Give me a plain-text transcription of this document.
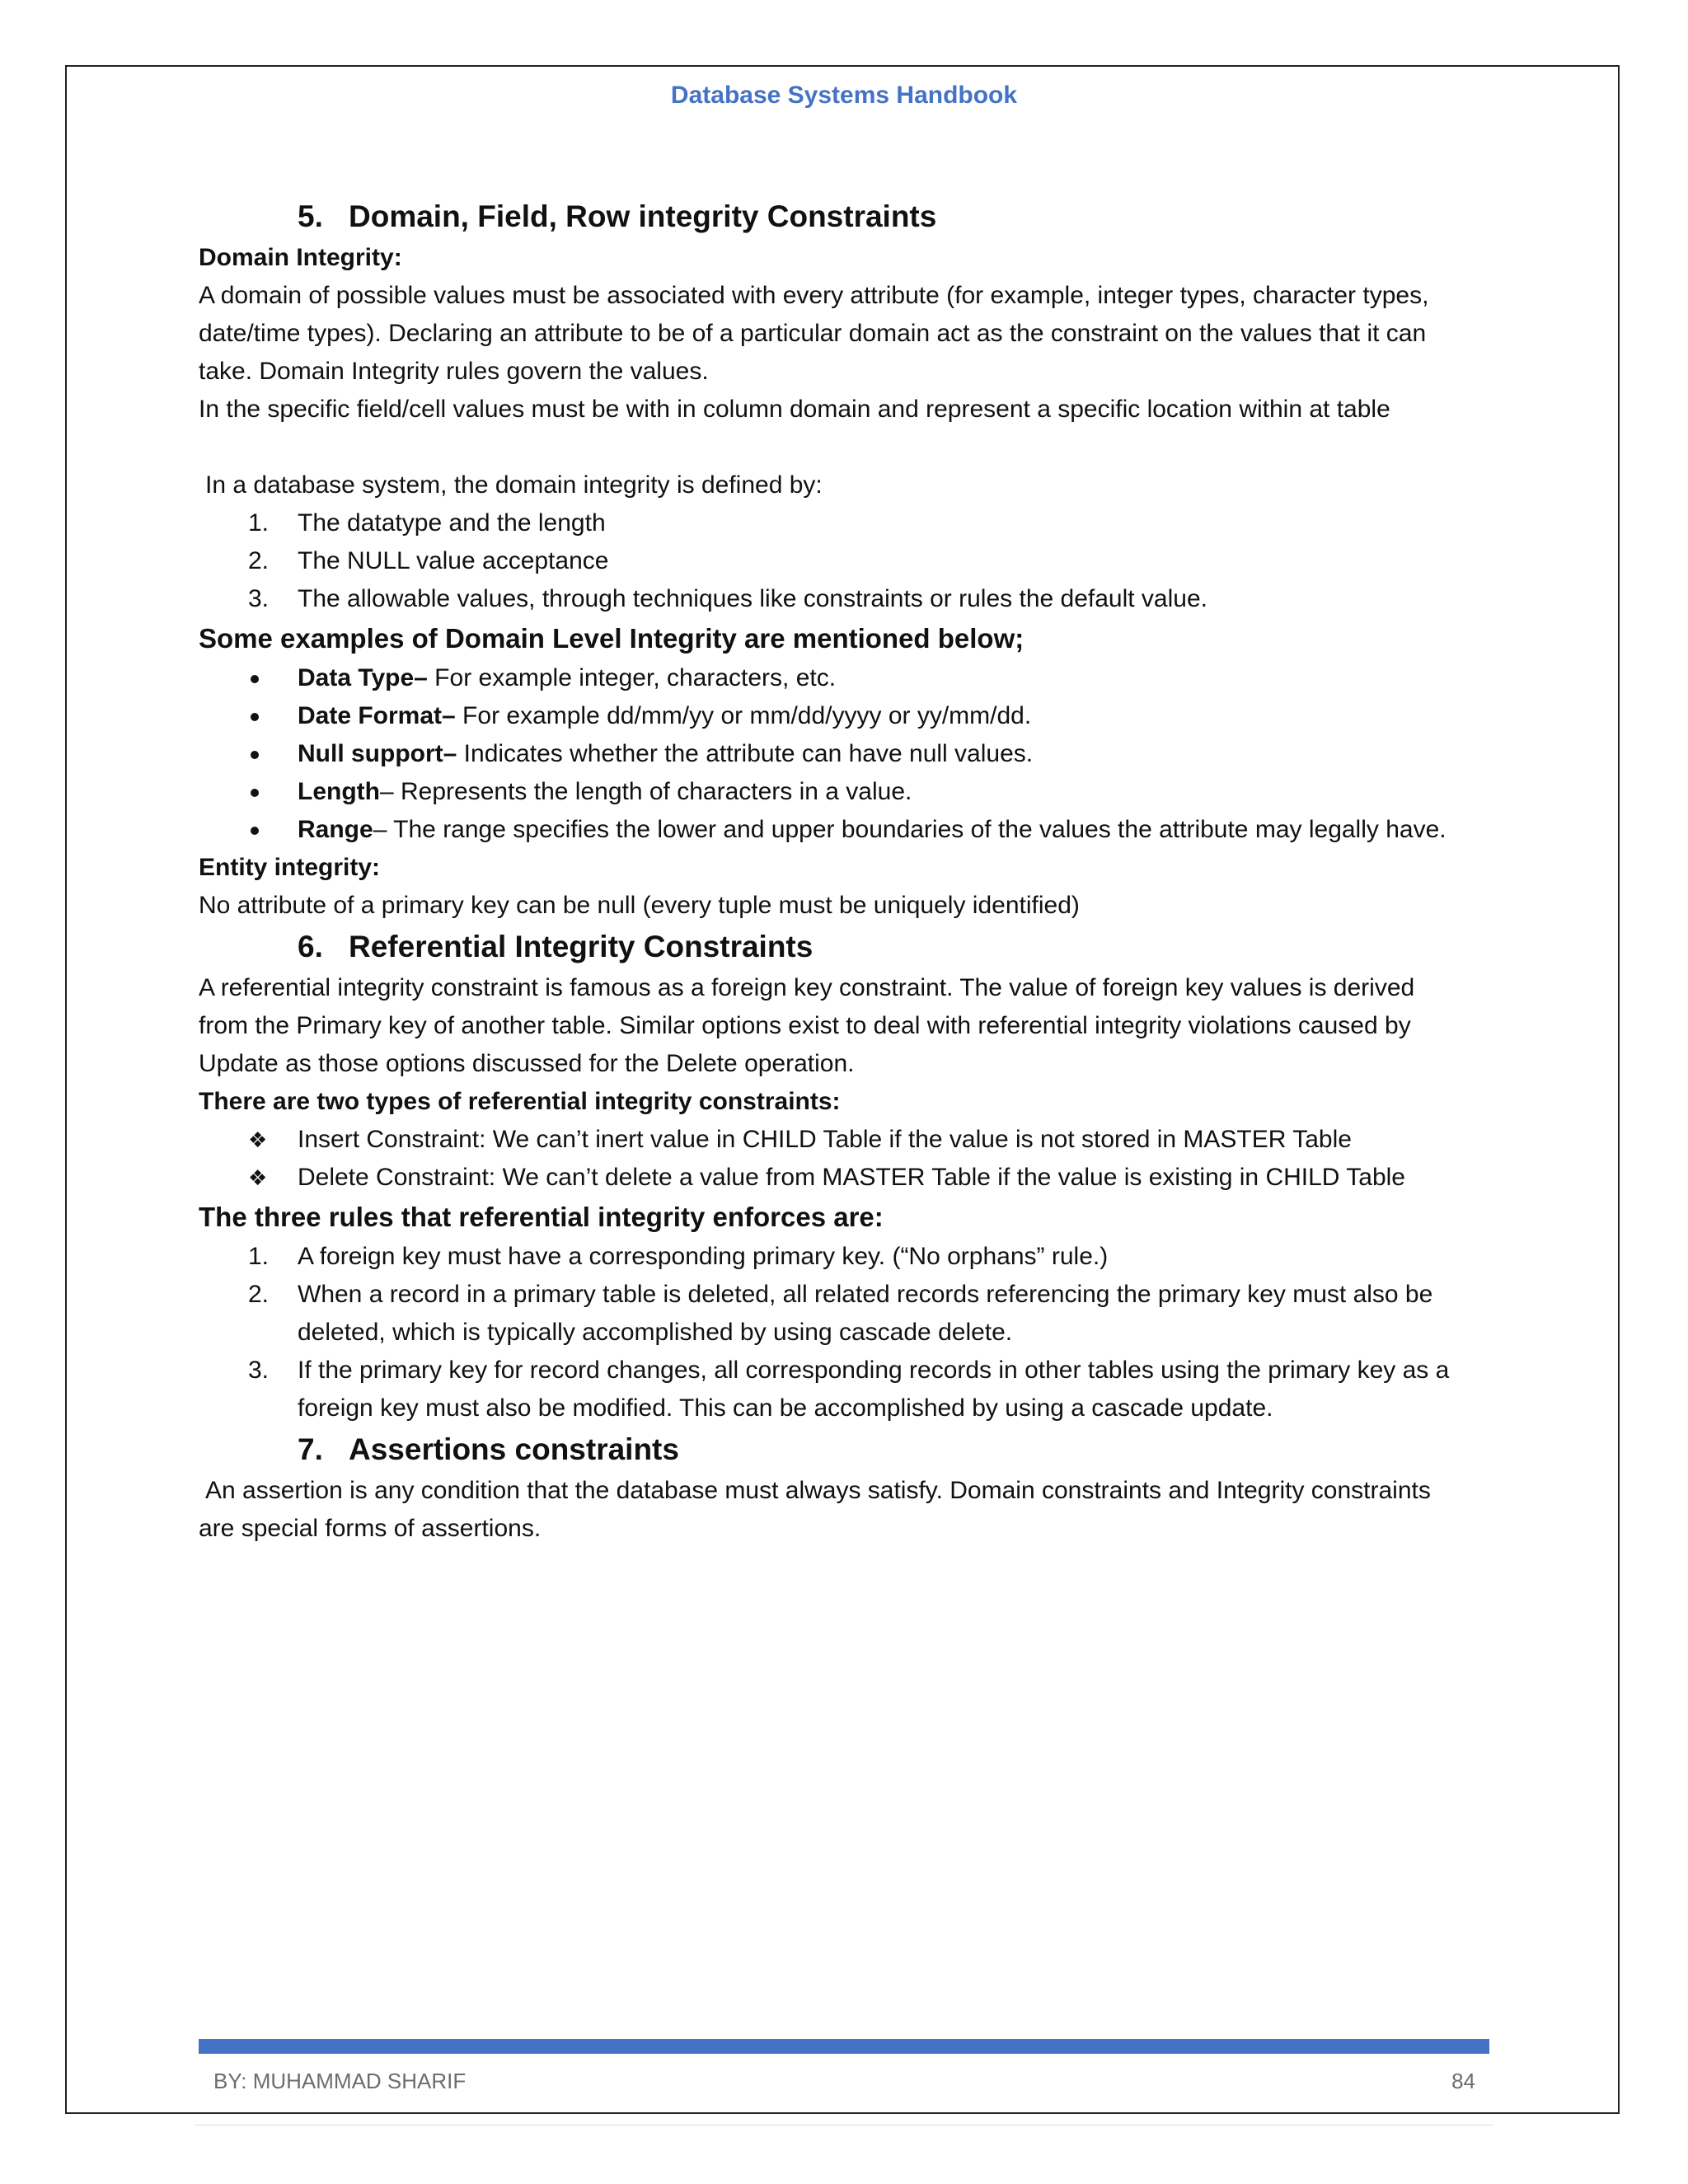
Database Systems Handbook
5. Domain, Field, Row integrity Constraints
Domain Integrity:

A domain of possible values must be associated with every attribute (for example, integer types, character types,

date/time types). Declaring an attribute to be of a particular domain act as the constraint on the values that it can

take. Domain Integrity rules govern the values.

In the specific field/cell values must be with in column domain and represent a specific location within at table

In a database system, the domain integrity is defined by:

1.	The datatype and the length
2.	The NULL value acceptance
3.	The allowable values, through techniques like constraints or rules the default value.
Some examples of Domain Level Integrity are mentioned below;
Data Type– For example integer, characters, etc.
Date Format– For example dd/mm/yy or mm/dd/yyyy or yy/mm/dd.
Null support– Indicates whether the attribute can have null values.
Length– Represents the length of characters in a value.
Range– The range specifies the lower and upper boundaries of the values the attribute may legally have.
Entity integrity:

No attribute of a primary key can be null (every tuple must be uniquely identified)

6. Referential Integrity Constraints

A referential integrity constraint is famous as a foreign key constraint. The value of foreign key values is derived

from the Primary key of another table. Similar options exist to deal with referential integrity violations caused by

Update as those options discussed for the Delete operation.

There are two types of referential integrity constraints:
❖ Insert Constraint: We can’t inert value in CHILD Table if the value is not stored in MASTER Table
❖ Delete Constraint: We can’t delete a value from MASTER Table if the value is existing in CHILD Table
The three rules that referential integrity enforces are:
1.	A foreign key must have a corresponding primary key. (“No orphans” rule.)
2.	When a record in a primary table is deleted, all related records referencing the primary key must also be
deleted, which is typically accomplished by using cascade delete.
3.	If the primary key for record changes, all corresponding records in other tables using the primary key as a
foreign key must also be modified. This can be accomplished by using a cascade update.
7. Assertions constraints

An assertion is any condition that the database must always satisfy. Domain constraints and Integrity constraints

are special forms of assertions.

BY: MUHAMMAD SHARIF	84
